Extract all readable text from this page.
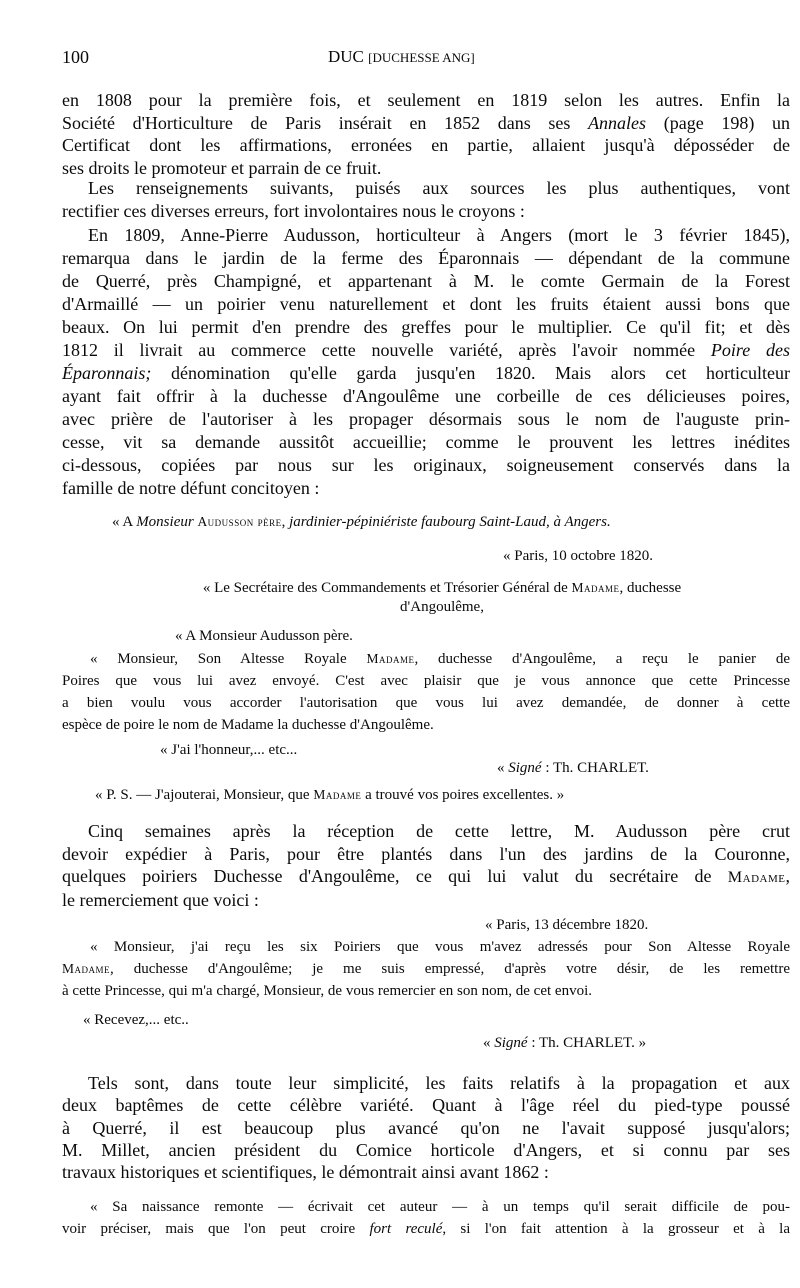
100	DUC [DUCHESSE ANG]
en 1808 pour la première fois, et seulement en 1819 selon les autres. Enfin la
Société d'Horticulture de Paris insérait en 1852 dans ses Annales (page 198) un
Certificat dont les affirmations, erronées en partie, allaient jusqu'à déposséder de
ses droits le promoteur et parrain de ce fruit.
Les renseignements suivants, puisés aux sources les plus authentiques, vont
rectifier ces diverses erreurs, fort involontaires nous le croyons :
En 1809, Anne-Pierre Audusson, horticulteur à Angers (mort le 3 février 1845),
remarqua dans le jardin de la ferme des Éparonnais — dépendant de la commune
de Querré, près Champigné, et appartenant à M. le comte Germain de la Forest
d'Armaillé — un poirier venu naturellement et dont les fruits étaient aussi bons que
beaux. On lui permit d'en prendre des greffes pour le multiplier. Ce qu'il fit; et dès
1812 il livrait au commerce cette nouvelle variété, après l'avoir nommée Poire des
Éparonnais; dénomination qu'elle garda jusqu'en 1820. Mais alors cet horticulteur
ayant fait offrir à la duchesse d'Angoulême une corbeille de ces délicieuses poires,
avec prière de l'autoriser à les propager désormais sous le nom de l'auguste prin-
cesse, vit sa demande aussitôt accueillie; comme le prouvent les lettres inédites
ci-dessous, copiées par nous sur les originaux, soigneusement conservés dans la
famille de notre défunt concitoyen :
« A Monsieur Audusson père, jardinier-pépiniériste faubourg Saint-Laud, à Angers.
« Paris, 10 octobre 1820.
« Le Secrétaire des Commandements et Trésorier Général de Madame, duchesse
d'Angoulême,
« A Monsieur Audusson père.
« Monsieur, Son Altesse Royale Madame, duchesse d'Angoulême, a reçu le panier de
Poires que vous lui avez envoyé. C'est avec plaisir que je vous annonce que cette Princesse
a bien voulu vous accorder l'autorisation que vous lui avez demandée, de donner à cette
espèce de poire le nom de Madame la duchesse d'Angoulême.
« J'ai l'honneur,... etc...
« Signé : Th. CHARLET.
« P. S. — J'ajouterai, Monsieur, que Madame a trouvé vos poires excellentes. »
Cinq semaines après la réception de cette lettre, M. Audusson père crut
devoir expédier à Paris, pour être plantés dans l'un des jardins de la Couronne,
quelques poiriers Duchesse d'Angoulême, ce qui lui valut du secrétaire de Madame,
le remerciement que voici :
« Paris, 13 décembre 1820.
« Monsieur, j'ai reçu les six Poiriers que vous m'avez adressés pour Son Altesse Royale
Madame, duchesse d'Angoulême; je me suis empressé, d'après votre désir, de les remettre
à cette Princesse, qui m'a chargé, Monsieur, de vous remercier en son nom, de cet envoi.
« Recevez,... etc..
« Signé : Th. CHARLET. »
Tels sont, dans toute leur simplicité, les faits relatifs à la propagation et aux
deux baptêmes de cette célèbre variété. Quant à l'âge réel du pied-type poussé
à Querré, il est beaucoup plus avancé qu'on ne l'avait supposé jusqu'alors;
M. Millet, ancien président du Comice horticole d'Angers, et si connu par ses
travaux historiques et scientifiques, le démontrait ainsi avant 1862 :
« Sa naissance remonte — écrivait cet auteur — à un temps qu'il serait difficile de pou-
voir préciser, mais que l'on peut croire fort reculé, si l'on fait attention à la grosseur et à la
